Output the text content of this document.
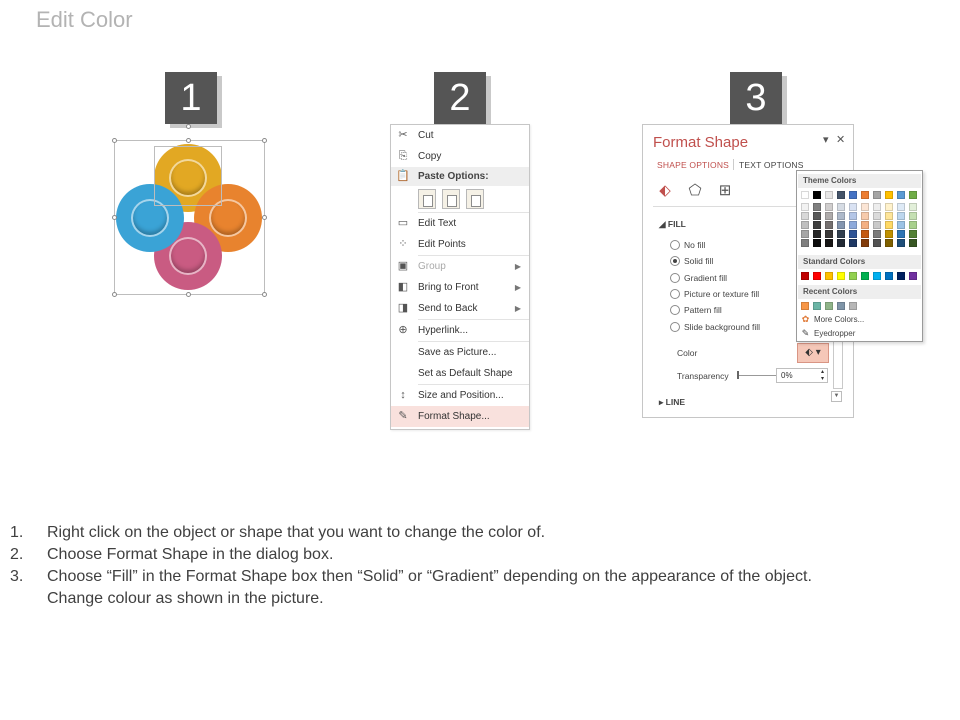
Edit Color
1	2	3
✂ Cut
⎘ Copy
📋 Paste Options:
▭ Edit Text
⁘ Edit Points
▣ Group	▶
◧ Bring to Front	▶
◨ Send to Back	▶
⊕ Hyperlink...
Save as Picture...
Set as Default Shape
↕	Size and Position...
✎ Format Shape...
Format Shape	▾ ✕
SHAPE OPTIONS TEXT OPTIONS
⬖ ⬠ ⊞
◢ FILL
No fill
Solid fill
Gradient fill
Picture or texture fill
Pattern fill
Slide background fill
Color	⬖ ▾
Transparency	0%	▴
▾
▼
▸ LINE
Theme Colors
Standard Colors
Recent Colors
✿ More Colors...
✎ Eyedropper
1. Right click on the object or shape that you want to change the color of.
2. Choose Format Shape in the dialog box.
3. Choose “Fill” in the Format Shape box then “Solid” or “Gradient” depending on the appearance of the object.
Change colour as shown in the picture.
